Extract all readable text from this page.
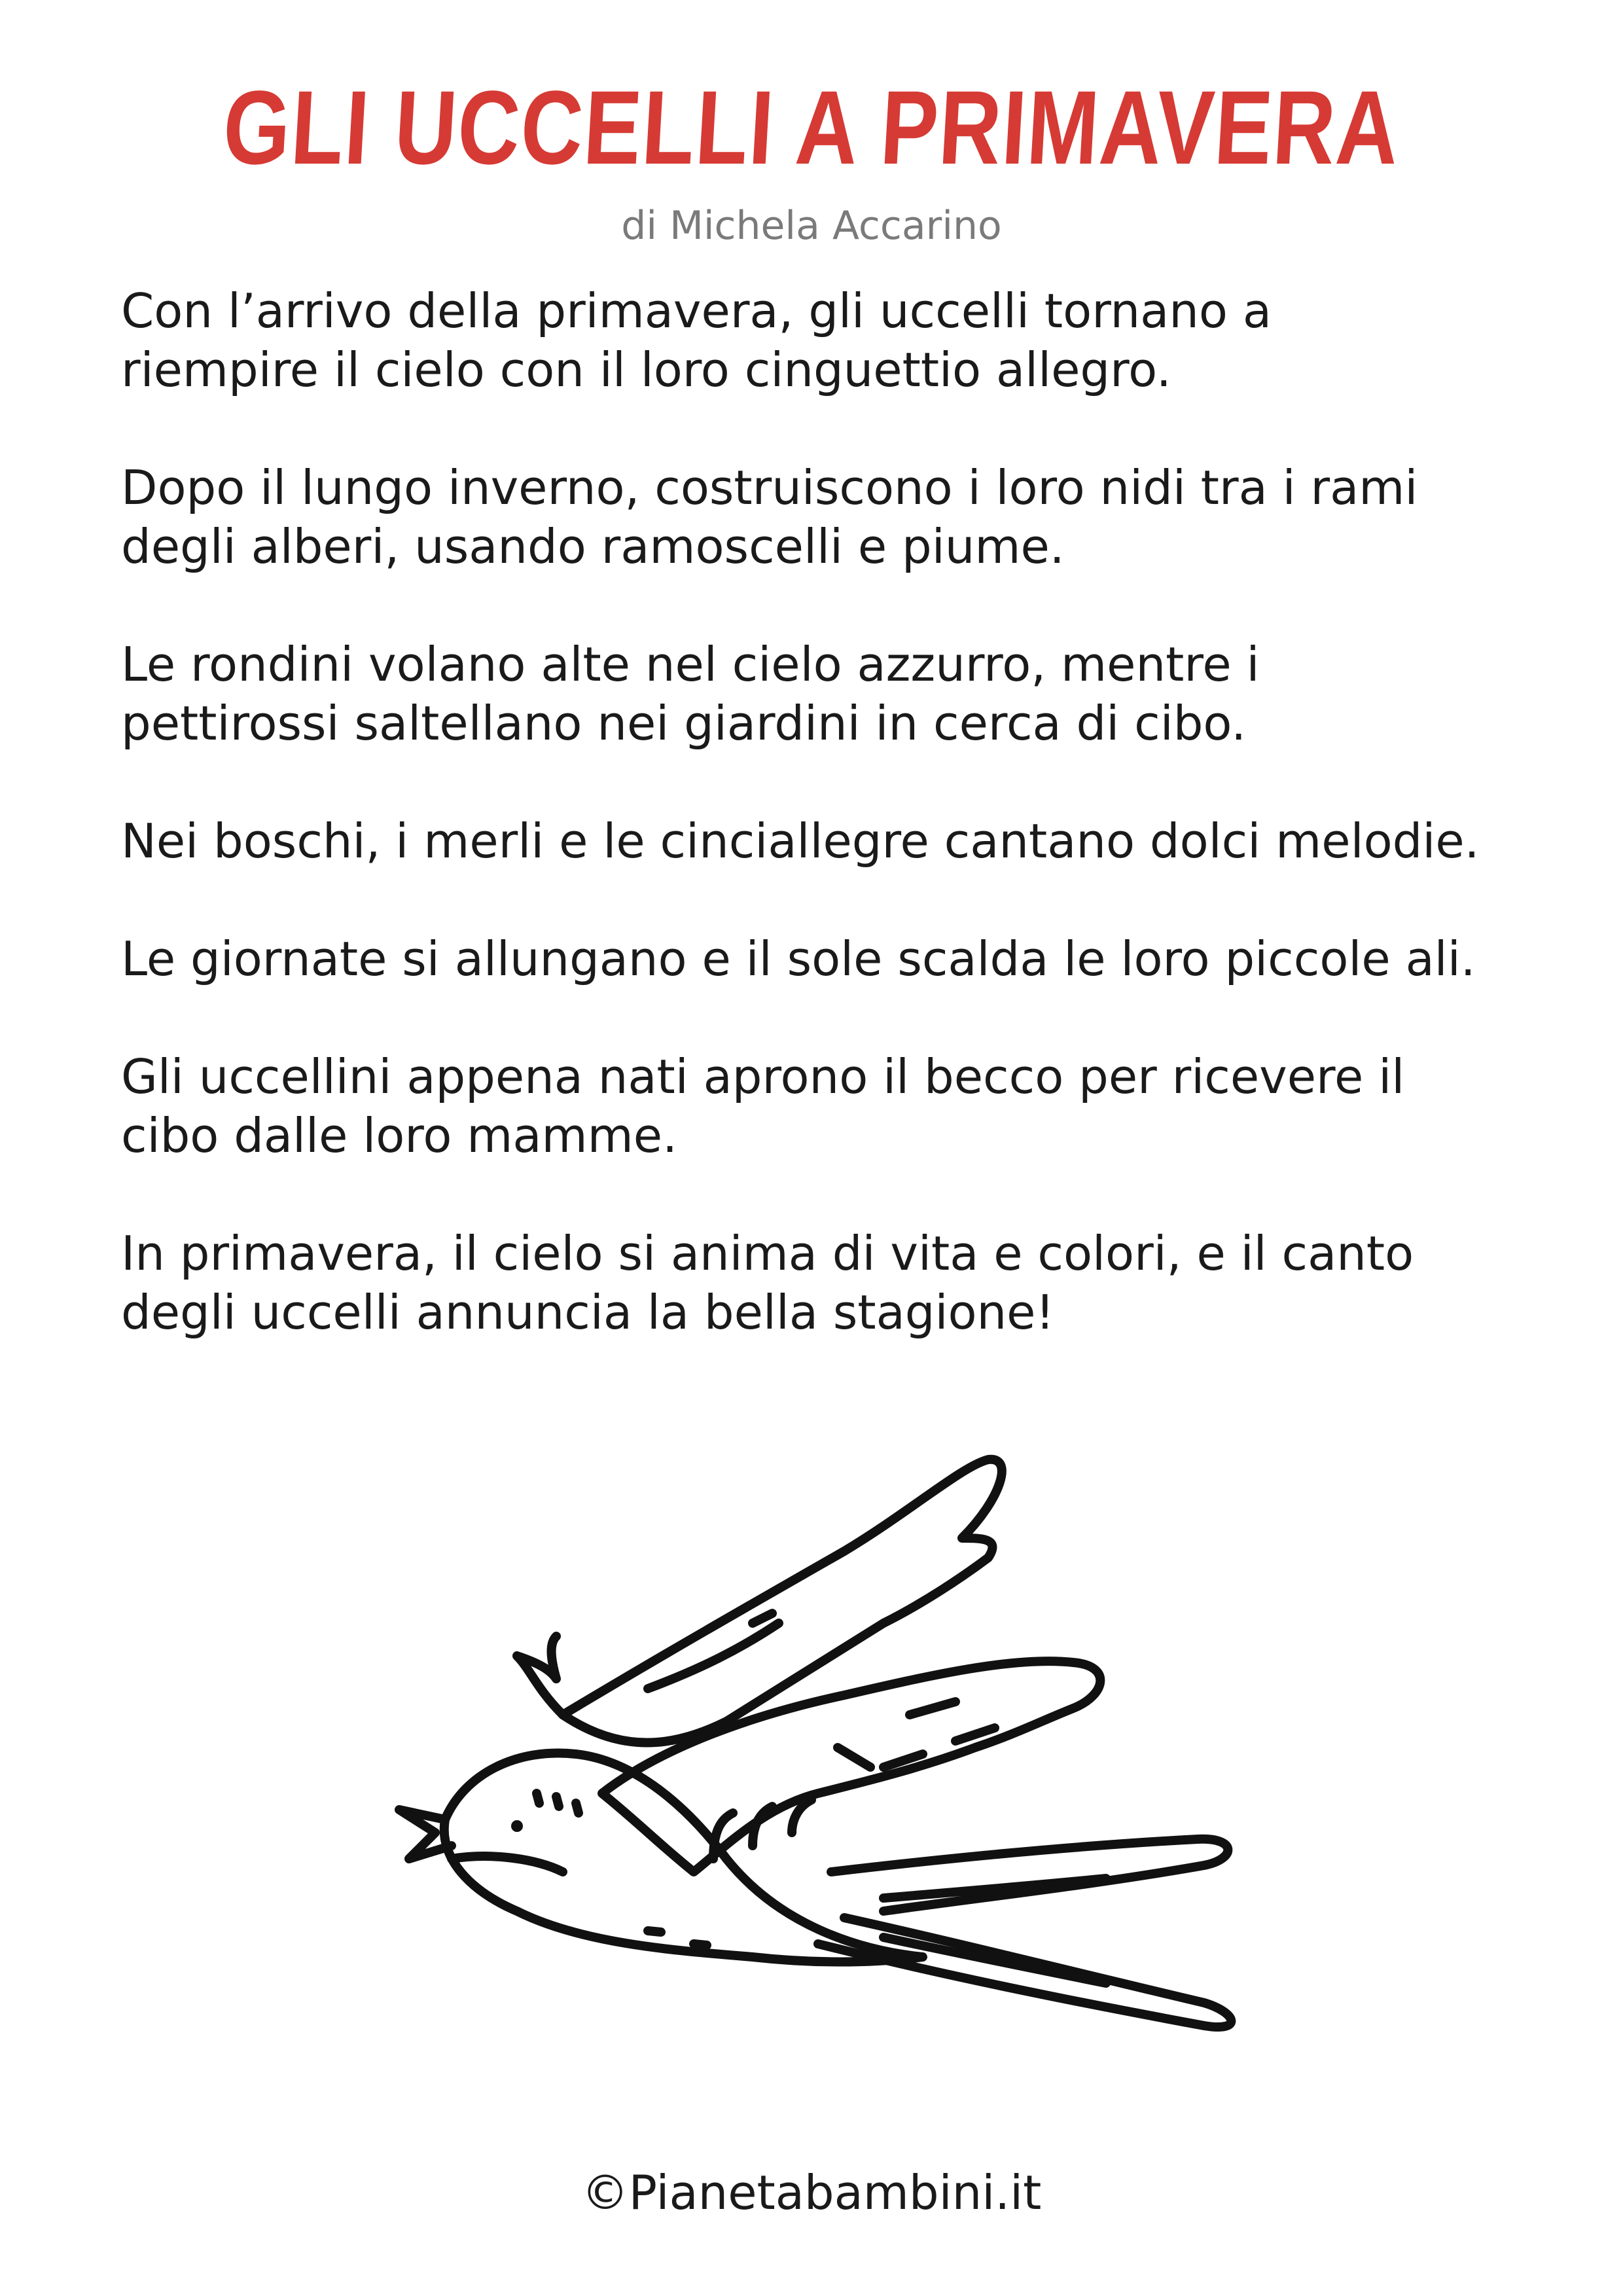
GLI UCCELLI A PRIMAVERA
di Michela Accarino

Con l’arrivo della primavera, gli uccelli tornano a
riempire il cielo con il loro cinguettio allegro.

Dopo il lungo inverno, costruiscono i loro nidi tra i rami
degli alberi, usando ramoscelli e piume.

Le rondini volano alte nel cielo azzurro, mentre i
pettirossi saltellano nei giardini in cerca di cibo.

Nei boschi, i merli e le cinciallegre cantano dolci melodie.

Le giornate si allungano e il sole scalda le loro piccole ali.

Gli uccellini appena nati aprono il becco per ricevere il
cibo dalle loro mamme.

In primavera, il cielo si anima di vita e colori, e il canto
degli uccelli annuncia la bella stagione!

©Pianetabambini.it
